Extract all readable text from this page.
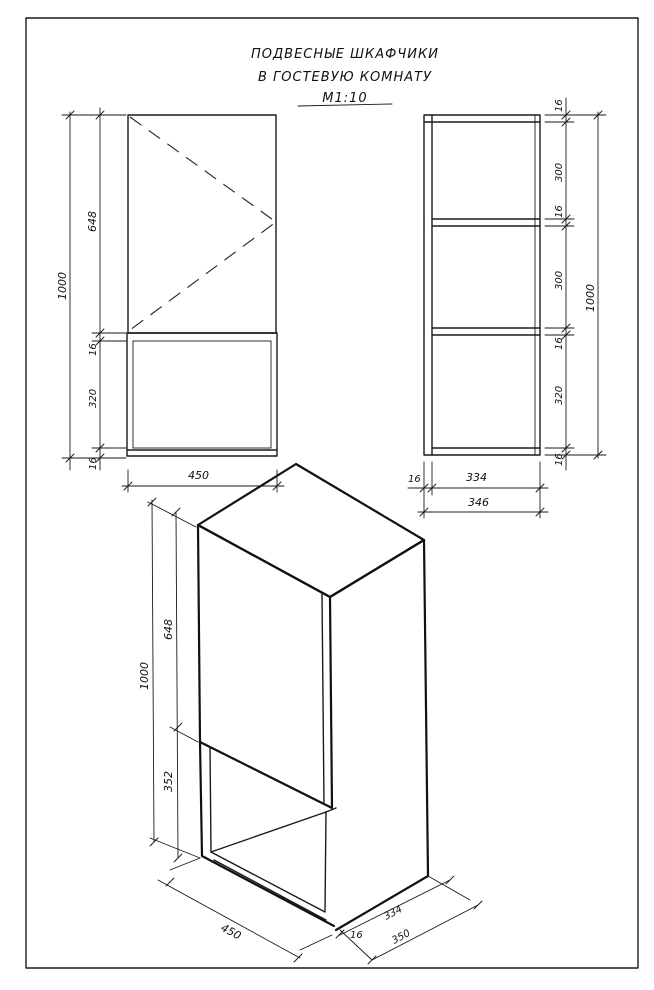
ПОДВЕСНЫЕ ШКАФЧИКИ
В ГОСТЕВУЮ КОМНАТУ
М1:10
1000
648
16
320
16
450
16
300
16
300
16
320
16
1000
16	334
346
648
1000
352
450
334
16	350
